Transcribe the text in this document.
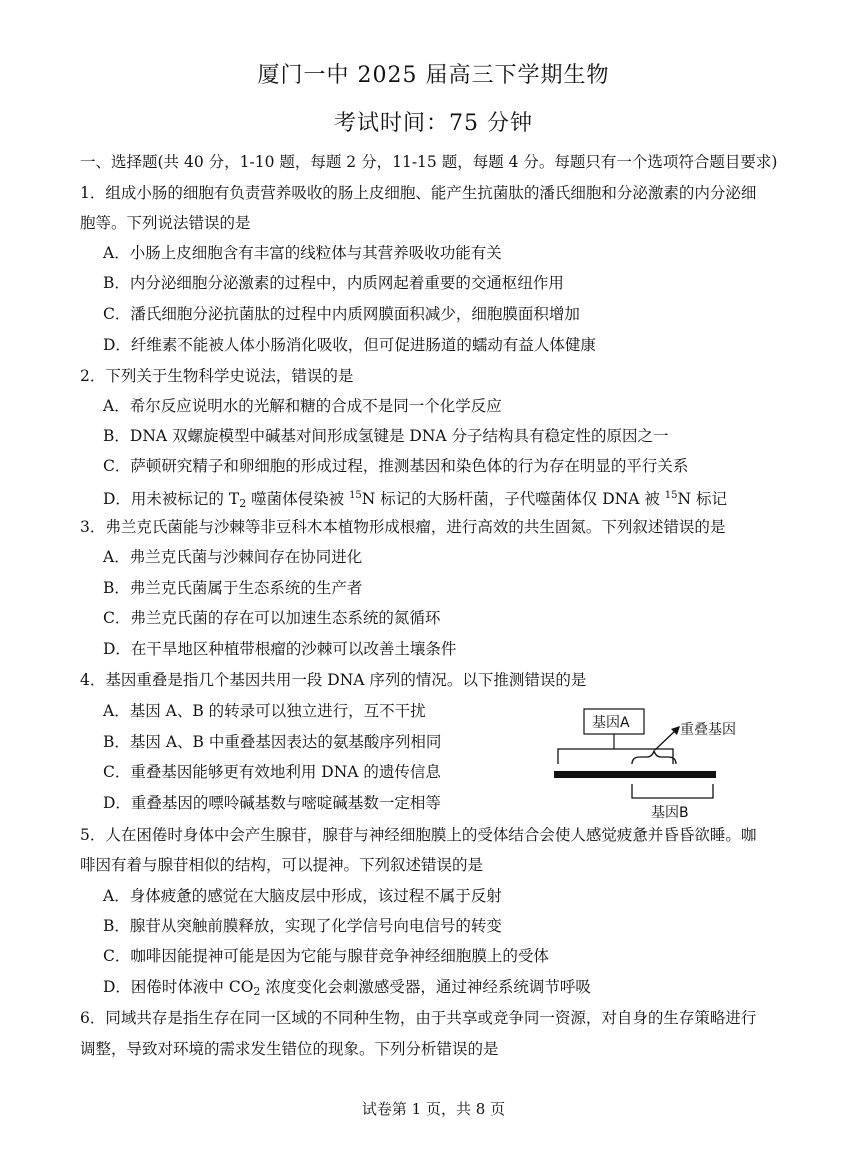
厦门一中 2025 届高三下学期生物
考试时间：75 分钟
一、选择题(共 40 分，1-10 题，每题 2 分，11-15 题，每题 4 分。每题只有一个选项符合题目要求)
1．组成小肠的细胞有负责营养吸收的肠上皮细胞、能产生抗菌肽的潘氏细胞和分泌激素的内分泌细
胞等。下列说法错误的是
A．小肠上皮细胞含有丰富的线粒体与其营养吸收功能有关
B．内分泌细胞分泌激素的过程中，内质网起着重要的交通枢纽作用
C．潘氏细胞分泌抗菌肽的过程中内质网膜面积减少，细胞膜面积增加
D．纤维素不能被人体小肠消化吸收，但可促进肠道的蠕动有益人体健康
2．下列关于生物科学史说法，错误的是
A．希尔反应说明水的光解和糖的合成不是同一个化学反应
B．DNA 双螺旋模型中碱基对间形成氢键是 DNA 分子结构具有稳定性的原因之一
C．萨顿研究精子和卵细胞的形成过程，推测基因和染色体的行为存在明显的平行关系
D．用未被标记的 $T_2$ 噬菌体侵染被 $^{15}$N 标记的大肠杆菌，子代噬菌体仅 DNA 被 $^{15}$N 标记
3．弗兰克氏菌能与沙棘等非豆科木本植物形成根瘤，进行高效的共生固氮。下列叙述错误的是
A．弗兰克氏菌与沙棘间存在协同进化
B．弗兰克氏菌属于生态系统的生产者
C．弗兰克氏菌的存在可以加速生态系统的氮循环
D．在干旱地区种植带根瘤的沙棘可以改善土壤条件
4．基因重叠是指几个基因共用一段 DNA 序列的情况。以下推测错误的是
A．基因 A、B 的转录可以独立进行，互不干扰
B．基因 A、B 中重叠基因表达的氨基酸序列相同
C．重叠基因能够更有效地利用 DNA 的遗传信息
D．重叠基因的嘌呤碱基数与嘧啶碱基数一定相等
基因A	重叠基因
基因B
5．人在困倦时身体中会产生腺苷，腺苷与神经细胞膜上的受体结合会使人感觉疲惫并昏昏欲睡。咖
啡因有着与腺苷相似的结构，可以提神。下列叙述错误的是
A．身体疲惫的感觉在大脑皮层中形成，该过程不属于反射
B．腺苷从突触前膜释放，实现了化学信号向电信号的转变
C．咖啡因能提神可能是因为它能与腺苷竞争神经细胞膜上的受体
D．困倦时体液中 $CO_2$ 浓度变化会刺激感受器，通过神经系统调节呼吸
6．同域共存是指生存在同一区域的不同种生物，由于共享或竞争同一资源，对自身的生存策略进行
调整，导致对环境的需求发生错位的现象。下列分析错误的是
试卷第 1 页，共 8 页
